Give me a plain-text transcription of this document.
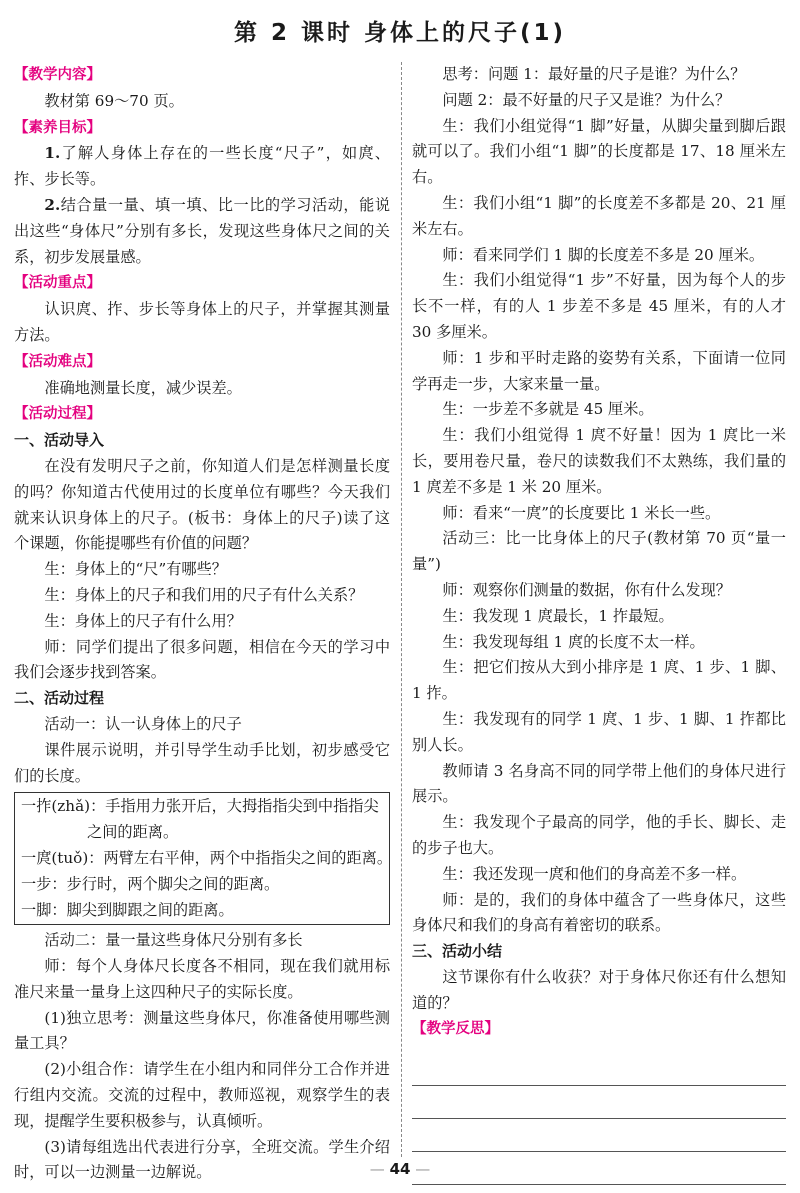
第 2 课时 身体上的尺子(1)

【教学内容】

教材第 69～70 页。

【素养目标】

1.了解人身体上存在的一些长度“尺子”，如庹、拃、步长等。

2.结合量一量、填一填、比一比的学习活动，能说出这些“身体尺”分别有多长，发现这些身体尺之间的关系，初步发展量感。

【活动重点】

认识庹、拃、步长等身体上的尺子，并掌握其测量方法。

【活动难点】

准确地测量长度，减少误差。

【活动过程】

一、活动导入

在没有发明尺子之前，你知道人们是怎样测量长度的吗？你知道古代使用过的长度单位有哪些？今天我们就来认识身体上的尺子。(板书：身体上的尺子)读了这个课题，你能提哪些有价值的问题？

生：身体上的“尺”有哪些？

生：身体上的尺子和我们用的尺子有什么关系？

生：身体上的尺子有什么用？

师：同学们提出了很多问题，相信在今天的学习中我们会逐步找到答案。

二、活动过程

活动一：认一认身体上的尺子

课件展示说明，并引导学生动手比划，初步感受它们的长度。

一拃(zhǎ)：手指用力张开后，大拇指指尖到中指指尖
之间的距离。
一庹(tuǒ)：两臂左右平伸，两个中指指尖之间的距离。
一步：步行时，两个脚尖之间的距离。
一脚：脚尖到脚跟之间的距离。

活动二：量一量这些身体尺分别有多长

师：每个人身体尺长度各不相同，现在我们就用标准尺来量一量身上这四种尺子的实际长度。

(1)独立思考：测量这些身体尺，你准备使用哪些测量工具？

(2)小组合作：请学生在小组内和同伴分工合作并进行组内交流。交流的过程中，教师巡视，观察学生的表现，提醒学生要积极参与，认真倾听。

(3)请每组选出代表进行分享，全班交流。学生介绍时，可以一边测量一边解说。

思考：问题 1：最好量的尺子是谁？为什么？

问题 2：最不好量的尺子又是谁？为什么？

生：我们小组觉得“1 脚”好量，从脚尖量到脚后跟就可以了。我们小组“1 脚”的长度都是 17、18 厘米左右。

生：我们小组“1 脚”的长度差不多都是 20、21 厘米左右。

师：看来同学们 1 脚的长度差不多是 20 厘米。

生：我们小组觉得“1 步”不好量，因为每个人的步长不一样，有的人 1 步差不多是 45 厘米，有的人才 30 多厘米。

师：1 步和平时走路的姿势有关系，下面请一位同学再走一步，大家来量一量。

生：一步差不多就是 45 厘米。

生：我们小组觉得 1 庹不好量！因为 1 庹比一米长，要用卷尺量，卷尺的读数我们不太熟练，我们量的 1 庹差不多是 1 米 20 厘米。

师：看来“一庹”的长度要比 1 米长一些。

活动三：比一比身体上的尺子(教材第 70 页“量一量”)

师：观察你们测量的数据，你有什么发现？

生：我发现 1 庹最长，1 拃最短。

生：我发现每组 1 庹的长度不太一样。

生：把它们按从大到小排序是 1 庹、1 步、1 脚、1 拃。

生：我发现有的同学 1 庹、1 步、1 脚、1 拃都比别人长。

教师请 3 名身高不同的同学带上他们的身体尺进行展示。

生：我发现个子最高的同学，他的手长、脚长、走的步子也大。

生：我还发现一庹和他们的身高差不多一样。

师：是的，我们的身体中蕴含了一些身体尺，这些身体尺和我们的身高有着密切的联系。

三、活动小结

这节课你有什么收获？对于身体尺你还有什么想知道的？

【教学反思】

— 44 —
